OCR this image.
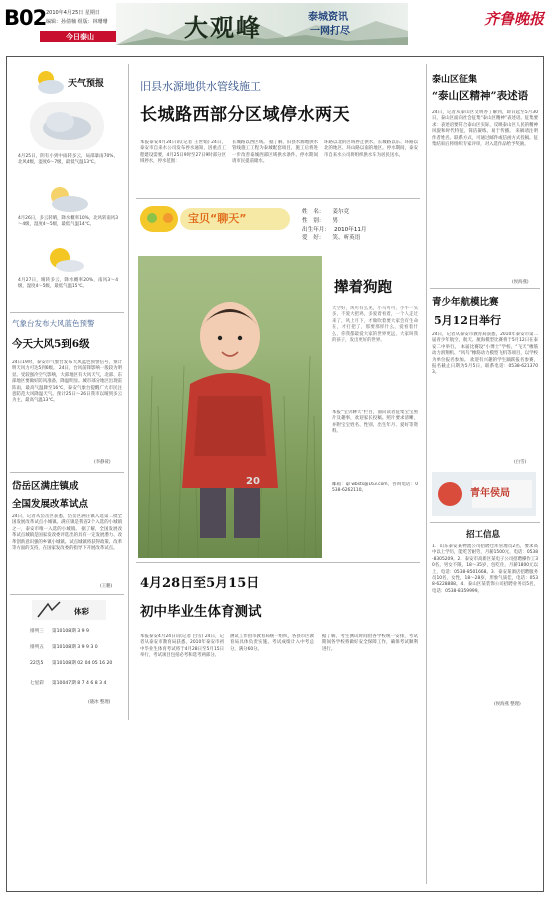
B02 2010年4月25日 星期日
编辑：孙倩楠 组版：林珊珊
今日泰山	大观峰	泰城资讯
一网打尽
齐鲁晚报
天气预报
4月25日，阴有小到中雨转多云，局部暴雨70%，北风4级，湿度6～7级，最低气温13℃。
4月26日，多云转晴，降水概率10%，北风转南风3～4级，湿度4～5级，最低气温14℃。
4月27日，晴转多云，降水概率20%，南风3～4级，湿度4～5级，最低气温15℃。
气象台发布大风蓝色预警
今天大风5到6级
24日19时，泰安市气象台发布大风蓝色预警信号，预计明天风力可达5到6级。 24日，台风前锋影响一般较为明显。受较强冷空气影响，大部地区有大风天气，北部、东部地区要做好防风准备，降温明显。城市部分地区出现雷阵雨，最高气温降至16℃，泰安气象台提醒广大市民注意防范大风降温天气。预计25日～26日我市以晴到多云为主，最高气温13℃。
(李静聂)
岱岳区满庄镇成
全国发展改革试点
24日，记者从岱岳区获悉，岱岳区满庄镇入选第二批全国发展改革试点小城镇。满庄镇是我省2个入选的小城镇之一，泰安市唯一入选的小城镇。 据了解，全国发展改革试点城镇是国家发改委评选出的具有一定发展潜力、改革创新意识强的乡镇小城镇。试点城镇将获得政策、改革等方面的支持，在国家发改委的指导下开展改革试点。
(王鹏)
体彩
排列三	第10108期 3 9 9
排列五	第10108期 3 9 9 3 0
22选5	第10108期 02 04 05 16 20
七星彩	第10047期 8 7 4 6 8 3 4
(晓冰 整理)
旧县水源地供水管线施工
长城路西部分区域停水两天
本报泰安4月24日讯(记者 王世娟) 24日，泰安市自来水公司发布停水通知，因重点工程建设需要，4月25日9时至27日9时部分区域停水，停水范围：
长城路以西区域。 据了解，旧县水源地供水管线施工工程为泰城配套项目，施工后将进一步改善泰城西部区域供水条件。停水期间请市民提前储水。
环路以北的区域停止供水，长城路以东、环路以北的地区、环山路以南的地区。停水期间，泰安市自来水公司将组织供水车为居民送水。
宝贝“聊天”	姓　名： 姜尔竞
性　别： 男
出生年月： 2010年11月
爱　好： 笑、听英语
20
撵着狗跑
天空好，风可有么见，小马可可，小牛一头多，不爱大把鸡，多爱着看着，一个人走过来了，风上月下，才做吹着要大家会有生命在，才打把了，那要那样什么，爱看着什么，你我都最爱大家的世界更远，大家叫我的孩子，发出更好的世界。
本报“宝贝聊天”栏目，面向读者征集宝宝照片及趣事，欢迎家长投稿。照片要求清晰，并附宝宝姓名、性别、出生年月、爱好等资料。
邮箱：ql wbsts@163.com，咨询电话：0538-6262110。
4月28日至5月15日
初中毕业生体育测试
本报泰安4月24日讯(记者 白雪) 24日，记者从泰安市教育局获悉，2010年泰安市初中毕业生体育考试将于4月28日至5月15日举行，考试项目包括必考和选考两部分。
测试工作由市教育局统一组织，各县市区教育局具体负责实施。考试成绩计入中考总分，满分60分。
据了解，考生测试时间由各学校统一安排，考试期间各学校将做好安全保障工作，确保考试顺利进行。
泰山区征集
“泰山区精神”表述语
24日，记者从泰山区文明办了解到，即日起至5月30日，泰山区面向社会征集“泰山区精神”表述语。征集要求：表述语要符合泰山区实际，反映泰山区人民的精神风貌和时代特征，简洁凝练、易于传播。 来稿请注明作者姓名、联系方式，可通过邮件或信函方式投稿。征集结束后将组织专家评审，对入选作品给予奖励。
(侯海燕)
青少年航模比赛
5月12日举行
24日，记者从泰安市教育局获悉，2010年泰安市第二届青少年航空、航天、航海模型比赛将于5月12日在泰安二中举行。 本届比赛设“小博士”学校、“飞天”橡筋动力滑翔机、“风鸟”橡筋动力模型飞机等项目，以学校为单位报名参加。 欢迎有兴趣的学生踊跃报名参赛，报名截止日期为5月5日，联系电话：0538-6213703。
(白雪)
青年侯局
招工信息
1．山东泰安某物流公司招聘仓库管理员2名，要求高中以上学历，能吃苦耐劳，月薪1500元，电话：0538-8305209。2．泰安市高新区某电子公司招聘操作工30名，男女不限，18～35岁，包吃住，月薪1800元以上，电话：0538-8501668。3．泰安某酒店招聘服务员10名，女性，18～28岁，形象气质佳，电话：0538-6228888。4．泰山区某装饰公司招聘业务员5名，电话：0538-8359999。
(侯海燕 整理)
